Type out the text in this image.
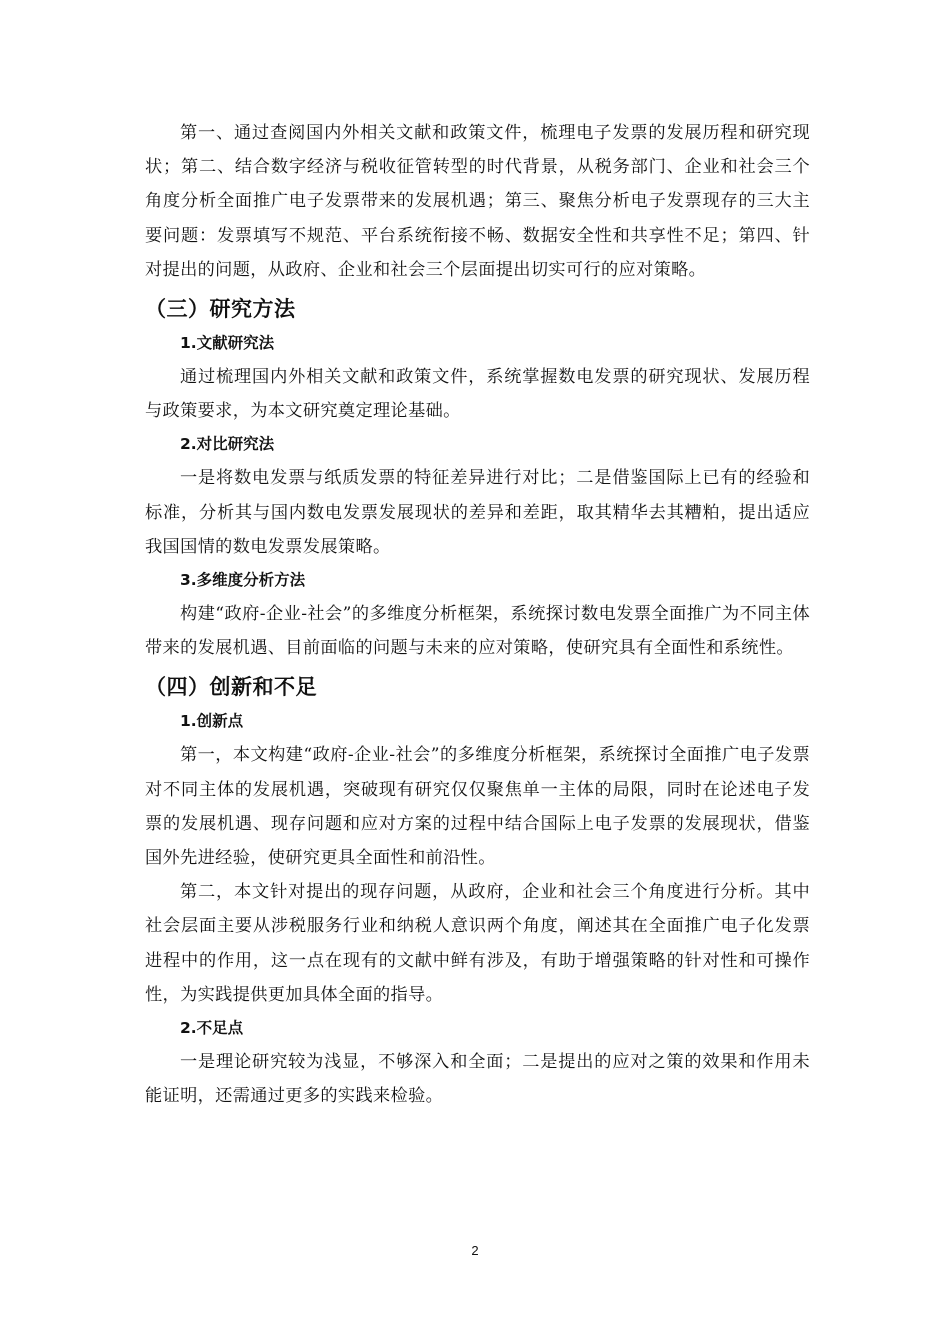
第一、通过查阅国内外相关文献和政策文件，梳理电子发票的发展历程和研究现状；第二、结合数字经济与税收征管转型的时代背景，从税务部门、企业和社会三个角度分析全面推广电子发票带来的发展机遇；第三、聚焦分析电子发票现存的三大主要问题：发票填写不规范、平台系统衔接不畅、数据安全性和共享性不足；第四、针对提出的问题，从政府、企业和社会三个层面提出切实可行的应对策略。

（三）研究方法
1.文献研究法

通过梳理国内外相关文献和政策文件，系统掌握数电发票的研究现状、发展历程与政策要求，为本文研究奠定理论基础。

2.对比研究法

一是将数电发票与纸质发票的特征差异进行对比；二是借鉴国际上已有的经验和标准，分析其与国内数电发票发展现状的差异和差距，取其精华去其糟粕，提出适应我国国情的数电发票发展策略。

3.多维度分析方法

构建“政府-企业-社会”的多维度分析框架，系统探讨数电发票全面推广为不同主体带来的发展机遇、目前面临的问题与未来的应对策略，使研究具有全面性和系统性。

（四）创新和不足
1.创新点

第一，本文构建“政府-企业-社会”的多维度分析框架，系统探讨全面推广电子发票对不同主体的发展机遇，突破现有研究仅仅聚焦单一主体的局限，同时在论述电子发票的发展机遇、现存问题和应对方案的过程中结合国际上电子发票的发展现状，借鉴国外先进经验，使研究更具全面性和前沿性。

第二，本文针对提出的现存问题，从政府，企业和社会三个角度进行分析。其中社会层面主要从涉税服务行业和纳税人意识两个角度，阐述其在全面推广电子化发票进程中的作用，这一点在现有的文献中鲜有涉及，有助于增强策略的针对性和可操作性，为实践提供更加具体全面的指导。

2.不足点

一是理论研究较为浅显，不够深入和全面；二是提出的应对之策的效果和作用未能证明，还需通过更多的实践来检验。

2
